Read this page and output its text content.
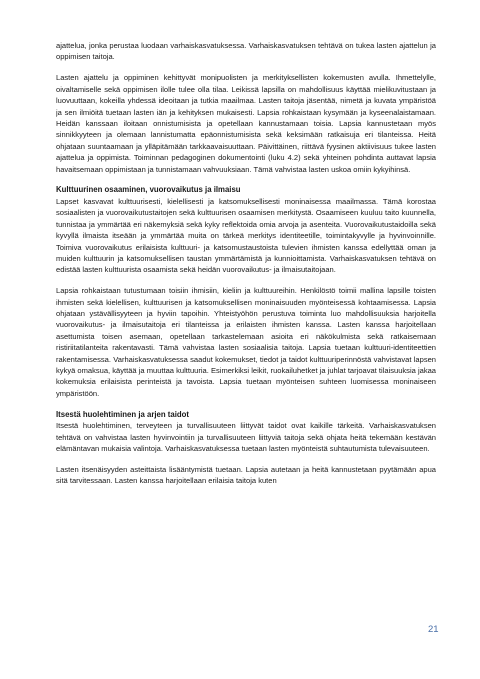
ajattelua, jonka perustaa luodaan varhaiskasvatuksessa. Varhaiskasvatuksen tehtävä on tukea lasten ajattelun ja oppimisen taitoja.

Lasten ajattelu ja oppiminen kehittyvät monipuolisten ja merkityksellisten kokemusten avulla. Ihmettelylle, oivaltamiselle sekä oppimisen ilolle tulee olla tilaa. Leikissä lapsilla on mahdollisuus käyttää mielikuvitustaan ja luovuuttaan, kokeilla yhdessä ideoitaan ja tutkia maailmaa. Lasten taitoja jäsentää, nimetä ja kuvata ympäristöä ja sen ilmiöitä tuetaan lasten iän ja kehityksen mukaisesti. Lapsia rohkaistaan kysymään ja kyseenalaistamaan. Heidän kanssaan iloitaan onnistumisista ja opetellaan kannustamaan toisia. Lapsia kannustetaan myös sinnikkyyteen ja olemaan lannistumatta epäonnistumisista sekä keksimään ratkaisuja eri tilanteissa. Heitä ohjataan suuntaamaan ja ylläpitämään tarkkaavaisuuttaan. Päivittäinen, riittävä fyysinen aktiivisuus tukee lasten ajattelua ja oppimista. Toiminnan pedagoginen dokumentointi (luku 4.2) sekä yhteinen pohdinta auttavat lapsia havaitsemaan oppimistaan ja tunnistamaan vahvuuksiaan. Tämä vahvistaa lasten uskoa omiin kykyihinsä.

Kulttuurinen osaaminen, vuorovaikutus ja ilmaisu

Lapset kasvavat kulttuurisesti, kielellisesti ja katsomuksellisesti moninaisessa maailmassa. Tämä korostaa sosiaalisten ja vuorovaikutustaitojen sekä kulttuurisen osaamisen merkitystä. Osaamiseen kuuluu taito kuunnella, tunnistaa ja ymmärtää eri näkemyksiä sekä kyky reflektoida omia arvoja ja asenteita. Vuorovaikutustaidoilla sekä kyvyllä ilmaista itseään ja ymmärtää muita on tärkeä merkitys identiteetille, toimintakyvylle ja hyvinvoinnille. Toimiva vuorovaikutus erilaisista kulttuuri- ja katsomustaustoista tulevien ihmisten kanssa edellyttää oman ja muiden kulttuurin ja katsomuksellisen taustan ymmärtämistä ja kunnioittamista. Varhaiskasvatuksen tehtävä on edistää lasten kulttuurista osaamista sekä heidän vuorovaikutus- ja ilmaisutaitojaan.

Lapsia rohkaistaan tutustumaan toisiin ihmisiin, kieliin ja kulttuureihin. Henkilöstö toimii mallina lapsille toisten ihmisten sekä kielellisen, kulttuurisen ja katsomuksellisen moninaisuuden myönteisessä kohtaamisessa. Lapsia ohjataan ystävällisyyteen ja hyviin tapoihin. Yhteistyöhön perustuva toiminta luo mahdollisuuksia harjoitella vuorovaikutus- ja ilmaisutaitoja eri tilanteissa ja erilaisten ihmisten kanssa. Lasten kanssa harjoitellaan asettumista toisen asemaan, opetellaan tarkastelemaan asioita eri näkökulmista sekä ratkaisemaan ristiriitatilanteita rakentavasti. Tämä vahvistaa lasten sosiaalisia taitoja. Lapsia tuetaan kulttuuri-identiteettien rakentamisessa. Varhaiskasvatuksessa saadut kokemukset, tiedot ja taidot kulttuuriperinnöstä vahvistavat lapsen kykyä omaksua, käyttää ja muuttaa kulttuuria. Esimerkiksi leikit, ruokailuhetket ja juhlat tarjoavat tilaisuuksia jakaa kokemuksia erilaisista perinteistä ja tavoista. Lapsia tuetaan myönteisen suhteen luomisessa moninaiseen ympäristöön.

Itsestä huolehtiminen ja arjen taidot

Itsestä huolehtiminen, terveyteen ja turvallisuuteen liittyvät taidot ovat kaikille tärkeitä. Varhaiskasvatuksen tehtävä on vahvistaa lasten hyvinvointiin ja turvallisuuteen liittyviä taitoja sekä ohjata heitä tekemään kestävän elämäntavan mukaisia valintoja. Varhaiskasvatuksessa tuetaan lasten myönteistä suhtautumista tulevaisuuteen.

Lasten itsenäisyyden asteittaista lisääntymistä tuetaan. Lapsia autetaan ja heitä kannustetaan pyytämään apua sitä tarvitessaan. Lasten kanssa harjoitellaan erilaisia taitoja kuten

21
